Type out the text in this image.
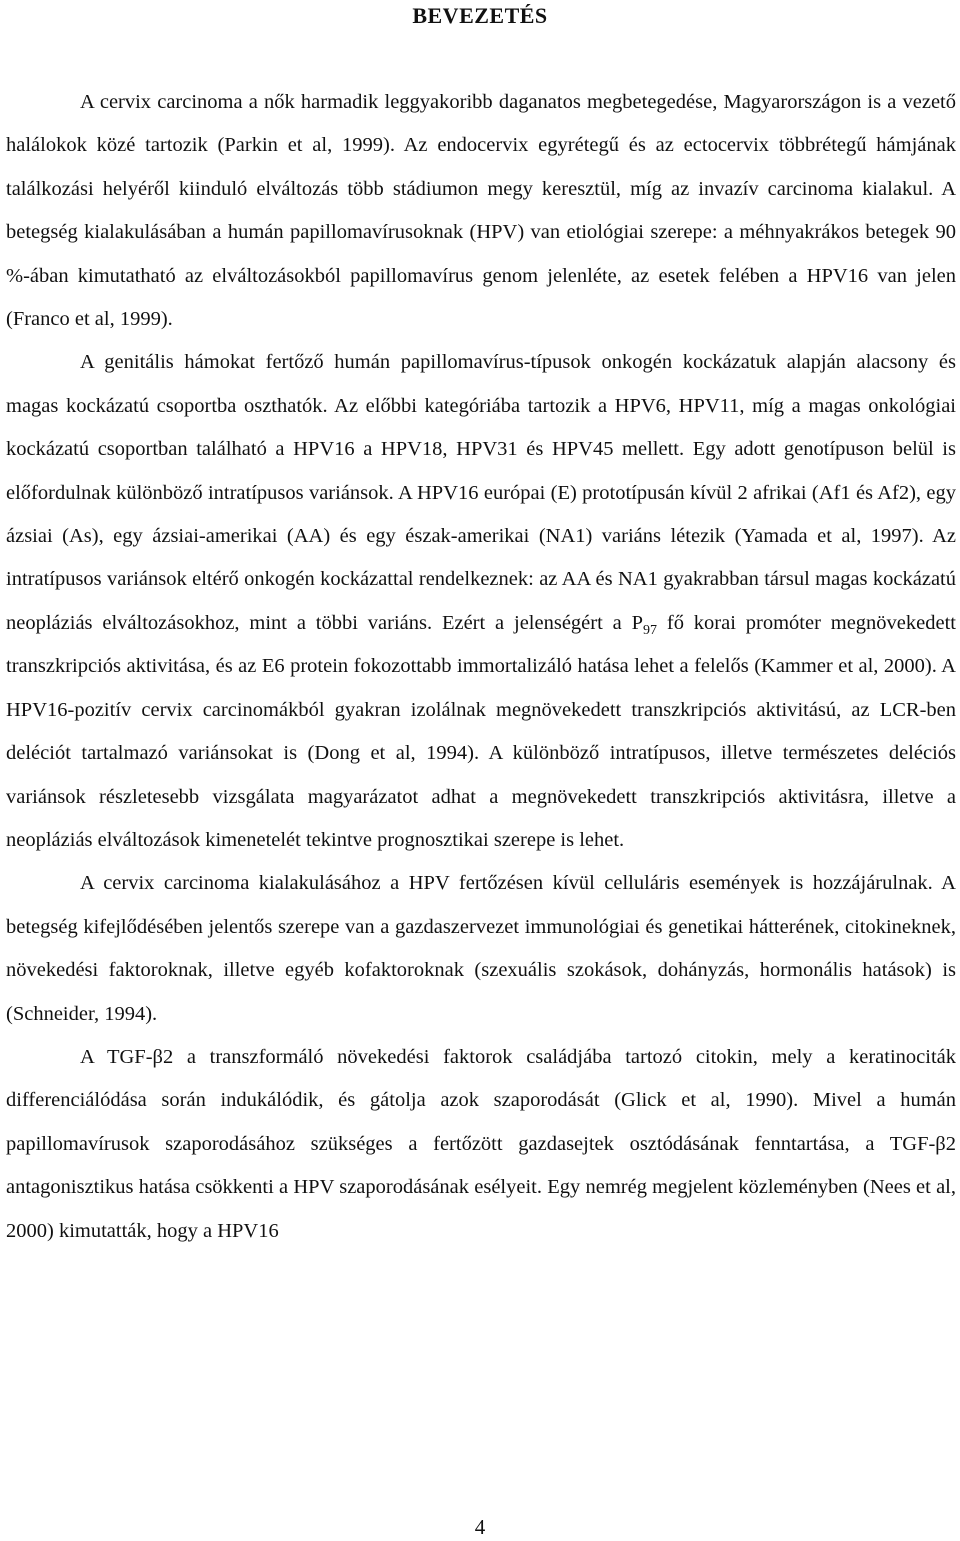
BEVEZETÉS

A cervix carcinoma a nők harmadik leggyakoribb daganatos megbetegedése, Magyarországon is a vezető halálokok közé tartozik (Parkin et al, 1999). Az endocervix egyrétegű és az ectocervix többrétegű hámjának találkozási helyéről kiinduló elváltozás több stádiumon megy keresztül, míg az invazív carcinoma kialakul. A betegség kialakulásában a humán papillomavírusoknak (HPV) van etiológiai szerepe: a méhnyakrákos betegek 90 %-ában kimutatható az elváltozásokból papillomavírus genom jelenléte, az esetek felében a HPV16 van jelen (Franco et al, 1999).

A genitális hámokat fertőző humán papillomavírus-típusok onkogén kockázatuk alapján alacsony és magas kockázatú csoportba oszthatók. Az előbbi kategóriába tartozik a HPV6, HPV11, míg a magas onkológiai kockázatú csoportban található a HPV16 a HPV18, HPV31 és HPV45 mellett. Egy adott genotípuson belül is előfordulnak különböző intratípusos variánsok. A HPV16 európai (E) prototípusán kívül 2 afrikai (Af1 és Af2), egy ázsiai (As), egy ázsiai-amerikai (AA) és egy észak-amerikai (NA1) variáns létezik (Yamada et al, 1997). Az intratípusos variánsok eltérő onkogén kockázattal rendelkeznek: az AA és NA1 gyakrabban társul magas kockázatú neopláziás elváltozásokhoz, mint a többi variáns. Ezért a jelenségért a $P_{97}$ fő korai promóter megnövekedett transzkripciós aktivitása, és az E6 protein fokozottabb immortalizáló hatása lehet a felelős (Kammer et al, 2000). A HPV16-pozitív cervix carcinomákból gyakran izolálnak megnövekedett transzkripciós aktivitású, az LCR-ben deléciót tartalmazó variánsokat is (Dong et al, 1994). A különböző intratípusos, illetve természetes deléciós variánsok részletesebb vizsgálata magyarázatot adhat a megnövekedett transzkripciós aktivitásra, illetve a neopláziás elváltozások kimenetelét tekintve prognosztikai szerepe is lehet.

A cervix carcinoma kialakulásához a HPV fertőzésen kívül celluláris események is hozzájárulnak. A betegség kifejlődésében jelentős szerepe van a gazdaszervezet immunológiai és genetikai hátterének, citokineknek, növekedési faktoroknak, illetve egyéb kofaktoroknak (szexuális szokások, dohányzás, hormonális hatások) is (Schneider, 1994).

A TGF-β2 a transzformáló növekedési faktorok családjába tartozó citokin, mely a keratinociták differenciálódása során indukálódik, és gátolja azok szaporodását (Glick et al, 1990). Mivel a humán papillomavírusok szaporodásához szükséges a fertőzött gazdasejtek osztódásának fenntartása, a TGF-β2 antagonisztikus hatása csökkenti a HPV szaporodásának esélyeit. Egy nemrég megjelent közleményben (Nees et al, 2000) kimutatták, hogy a HPV16

4
